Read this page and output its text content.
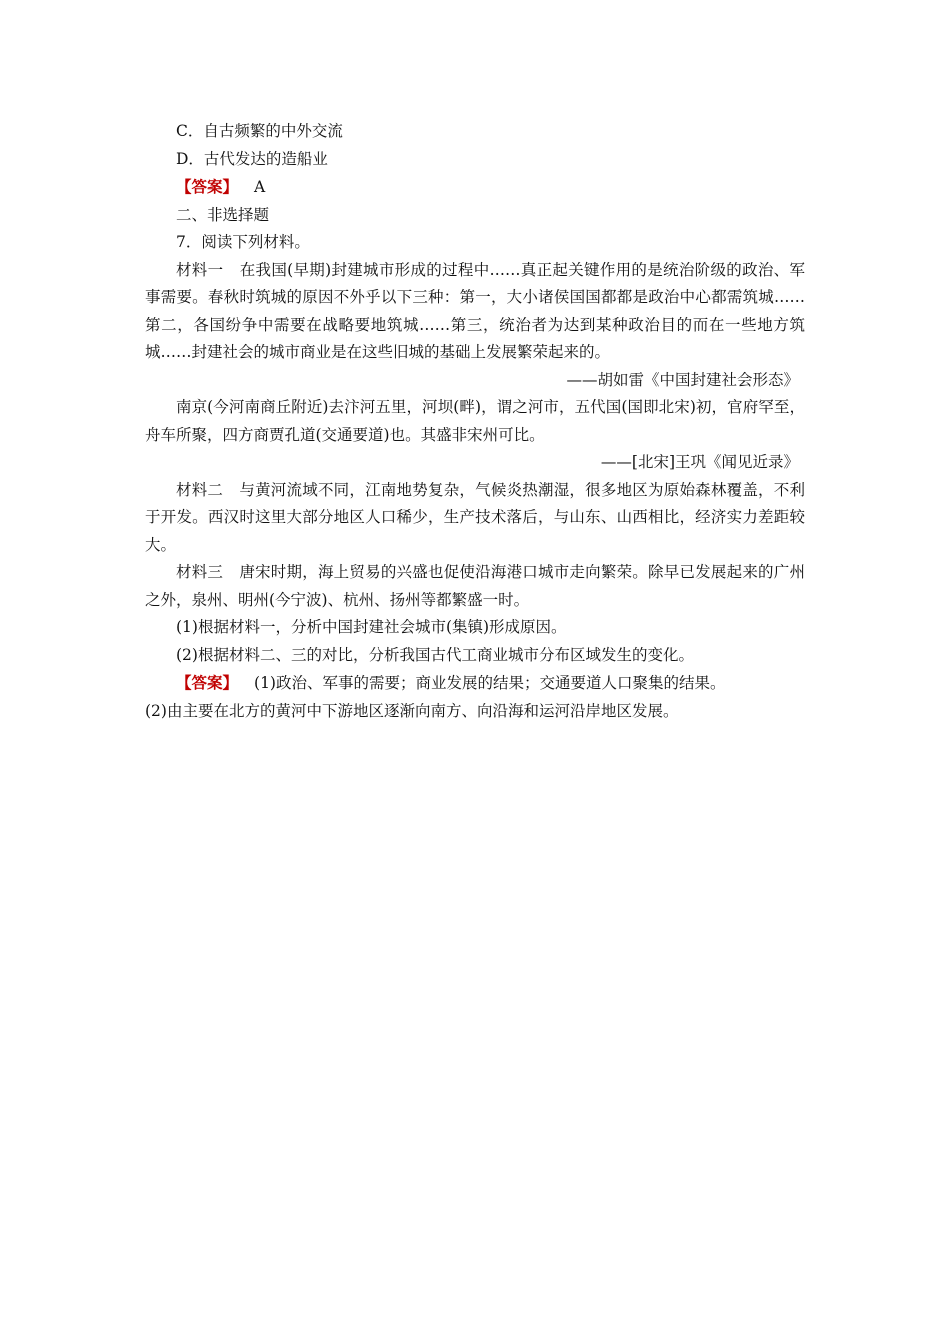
C．自古频繁的中外交流
D．古代发达的造船业
【答案】 A
二、非选择题
7．阅读下列材料。
材料一 在我国(早期)封建城市形成的过程中……真正起关键作用的是统治阶级的政治、军事需要。春秋时筑城的原因不外乎以下三种：第一，大小诸侯国国都都是政治中心都需筑城……第二，各国纷争中需要在战略要地筑城……第三，统治者为达到某种政治目的而在一些地方筑城……封建社会的城市商业是在这些旧城的基础上发展繁荣起来的。
——胡如雷《中国封建社会形态》
南京(今河南商丘附近)去汴河五里，河坝(畔)，谓之河市，五代国(国即北宋)初，官府罕至，舟车所聚，四方商贾孔道(交通要道)也。其盛非宋州可比。
——[北宋]王巩《闻见近录》
材料二 与黄河流域不同，江南地势复杂，气候炎热潮湿，很多地区为原始森林覆盖，不利于开发。西汉时这里大部分地区人口稀少，生产技术落后，与山东、山西相比，经济实力差距较大。
材料三 唐宋时期，海上贸易的兴盛也促使沿海港口城市走向繁荣。除早已发展起来的广州之外，泉州、明州(今宁波)、杭州、扬州等都繁盛一时。
(1)根据材料一，分析中国封建社会城市(集镇)形成原因。
(2)根据材料二、三的对比，分析我国古代工商业城市分布区域发生的变化。
【答案】 (1)政治、军事的需要；商业发展的结果；交通要道人口聚集的结果。
(2)由主要在北方的黄河中下游地区逐渐向南方、向沿海和运河沿岸地区发展。
